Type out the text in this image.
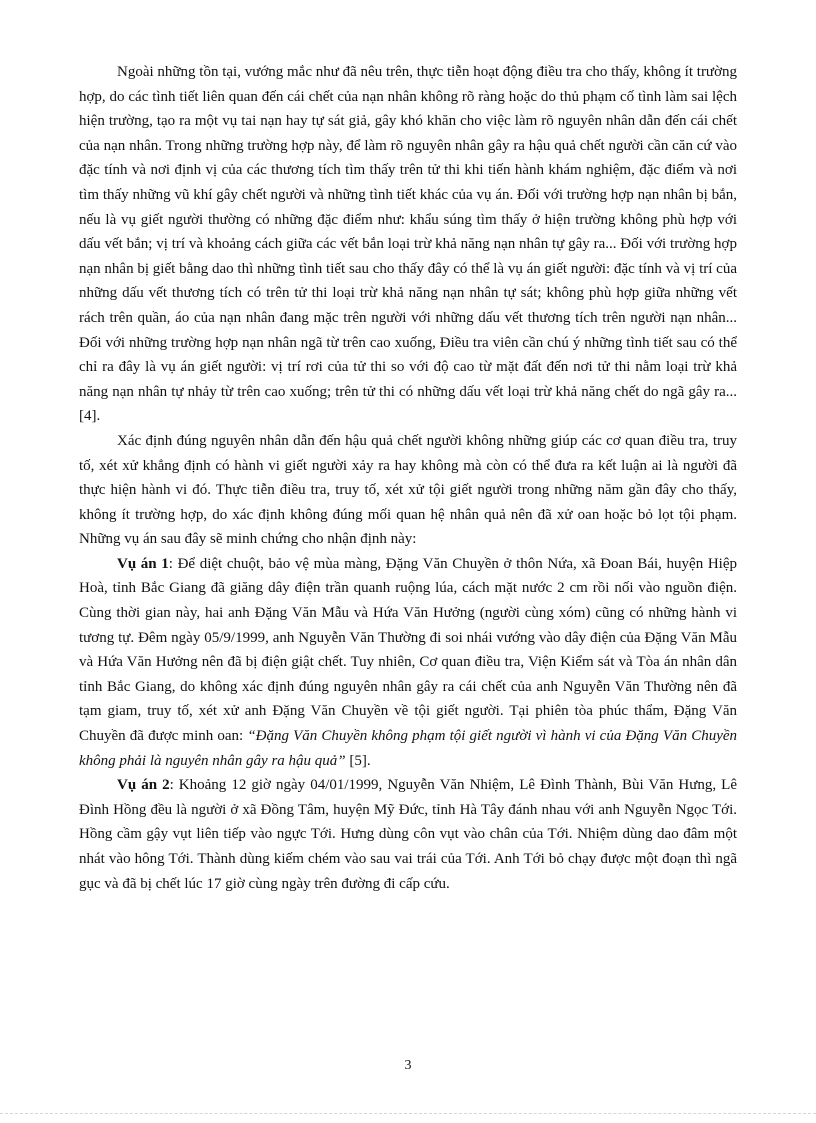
Ngoài những tồn tại, vướng mắc như đã nêu trên, thực tiễn hoạt động điều tra cho thấy, không ít trường hợp, do các tình tiết liên quan đến cái chết của nạn nhân không rõ ràng hoặc do thủ phạm cố tình làm sai lệch hiện trường, tạo ra một vụ tai nạn hay tự sát giả, gây khó khăn cho việc làm rõ nguyên nhân dẫn đến cái chết của nạn nhân. Trong những trường hợp này, để làm rõ nguyên nhân gây ra hậu quả chết người cần căn cứ vào đặc tính và nơi định vị của các thương tích tìm thấy trên tử thi khi tiến hành khám nghiệm, đặc điểm và nơi tìm thấy những vũ khí gây chết người và những tình tiết khác của vụ án. Đối với trường hợp nạn nhân bị bắn, nếu là vụ giết người thường có những đặc điểm như: khẩu súng tìm thấy ở hiện trường không phù hợp với dấu vết bắn; vị trí và khoảng cách giữa các vết bắn loại trừ khả năng nạn nhân tự gây ra... Đối với trường hợp nạn nhân bị giết bằng dao thì những tình tiết sau cho thấy đây có thể là vụ án giết người: đặc tính và vị trí của những dấu vết thương tích có trên tử thi loại trừ khả năng nạn nhân tự sát; không phù hợp giữa những vết rách trên quần, áo của nạn nhân đang mặc trên người với những dấu vết thương tích trên người nạn nhân... Đối với những trường hợp nạn nhân ngã từ trên cao xuống, Điều tra viên cần chú ý những tình tiết sau có thể chỉ ra đây là vụ án giết người: vị trí rơi của tử thi so với độ cao từ mặt đất đến nơi tử thi nằm loại trừ khả năng nạn nhân tự nhảy từ trên cao xuống; trên tử thi có những dấu vết loại trừ khả năng chết do ngã gây ra... [4].

Xác định đúng nguyên nhân dẫn đến hậu quả chết người không những giúp các cơ quan điều tra, truy tố, xét xử khẳng định có hành vi giết người xảy ra hay không mà còn có thể đưa ra kết luận ai là người đã thực hiện hành vi đó. Thực tiễn điều tra, truy tố, xét xử tội giết người trong những năm gần đây cho thấy, không ít trường hợp, do xác định không đúng mối quan hệ nhân quả nên đã xử oan hoặc bỏ lọt tội phạm. Những vụ án sau đây sẽ minh chứng cho nhận định này:

Vụ án 1: Để diệt chuột, bảo vệ mùa màng, Đặng Văn Chuyền ở thôn Nứa, xã Đoan Bái, huyện Hiệp Hoà, tỉnh Bắc Giang đã giăng dây điện trần quanh ruộng lúa, cách mặt nước 2 cm rồi nối vào nguồn điện. Cùng thời gian này, hai anh Đặng Văn Mẫu và Hứa Văn Hưởng (người cùng xóm) cũng có những hành vi tương tự. Đêm ngày 05/9/1999, anh Nguyễn Văn Thường đi soi nhái vướng vào dây điện của Đặng Văn Mẫu và Hứa Văn Hưởng nên đã bị điện giật chết. Tuy nhiên, Cơ quan điều tra, Viện Kiểm sát và Tòa án nhân dân tỉnh Bắc Giang, do không xác định đúng nguyên nhân gây ra cái chết của anh Nguyễn Văn Thường nên đã tạm giam, truy tố, xét xử anh Đặng Văn Chuyền về tội giết người. Tại phiên tòa phúc thẩm, Đặng Văn Chuyền đã được minh oan: “Đặng Văn Chuyền không phạm tội giết người vì hành vi của Đặng Văn Chuyền không phải là nguyên nhân gây ra hậu quả” [5].

Vụ án 2: Khoảng 12 giờ ngày 04/01/1999, Nguyễn Văn Nhiệm, Lê Đình Thành, Bùi Văn Hưng, Lê Đình Hồng đều là người ở xã Đồng Tâm, huyện Mỹ Đức, tỉnh Hà Tây đánh nhau với anh Nguyễn Ngọc Tới. Hồng cầm gậy vụt liên tiếp vào ngực Tới. Hưng dùng côn vụt vào chân của Tới. Nhiệm dùng dao đâm một nhát vào hông Tới. Thành dùng kiếm chém vào sau vai trái của Tới. Anh Tới bỏ chạy được một đoạn thì ngã gục và đã bị chết lúc 17 giờ cùng ngày trên đường đi cấp cứu.

3
